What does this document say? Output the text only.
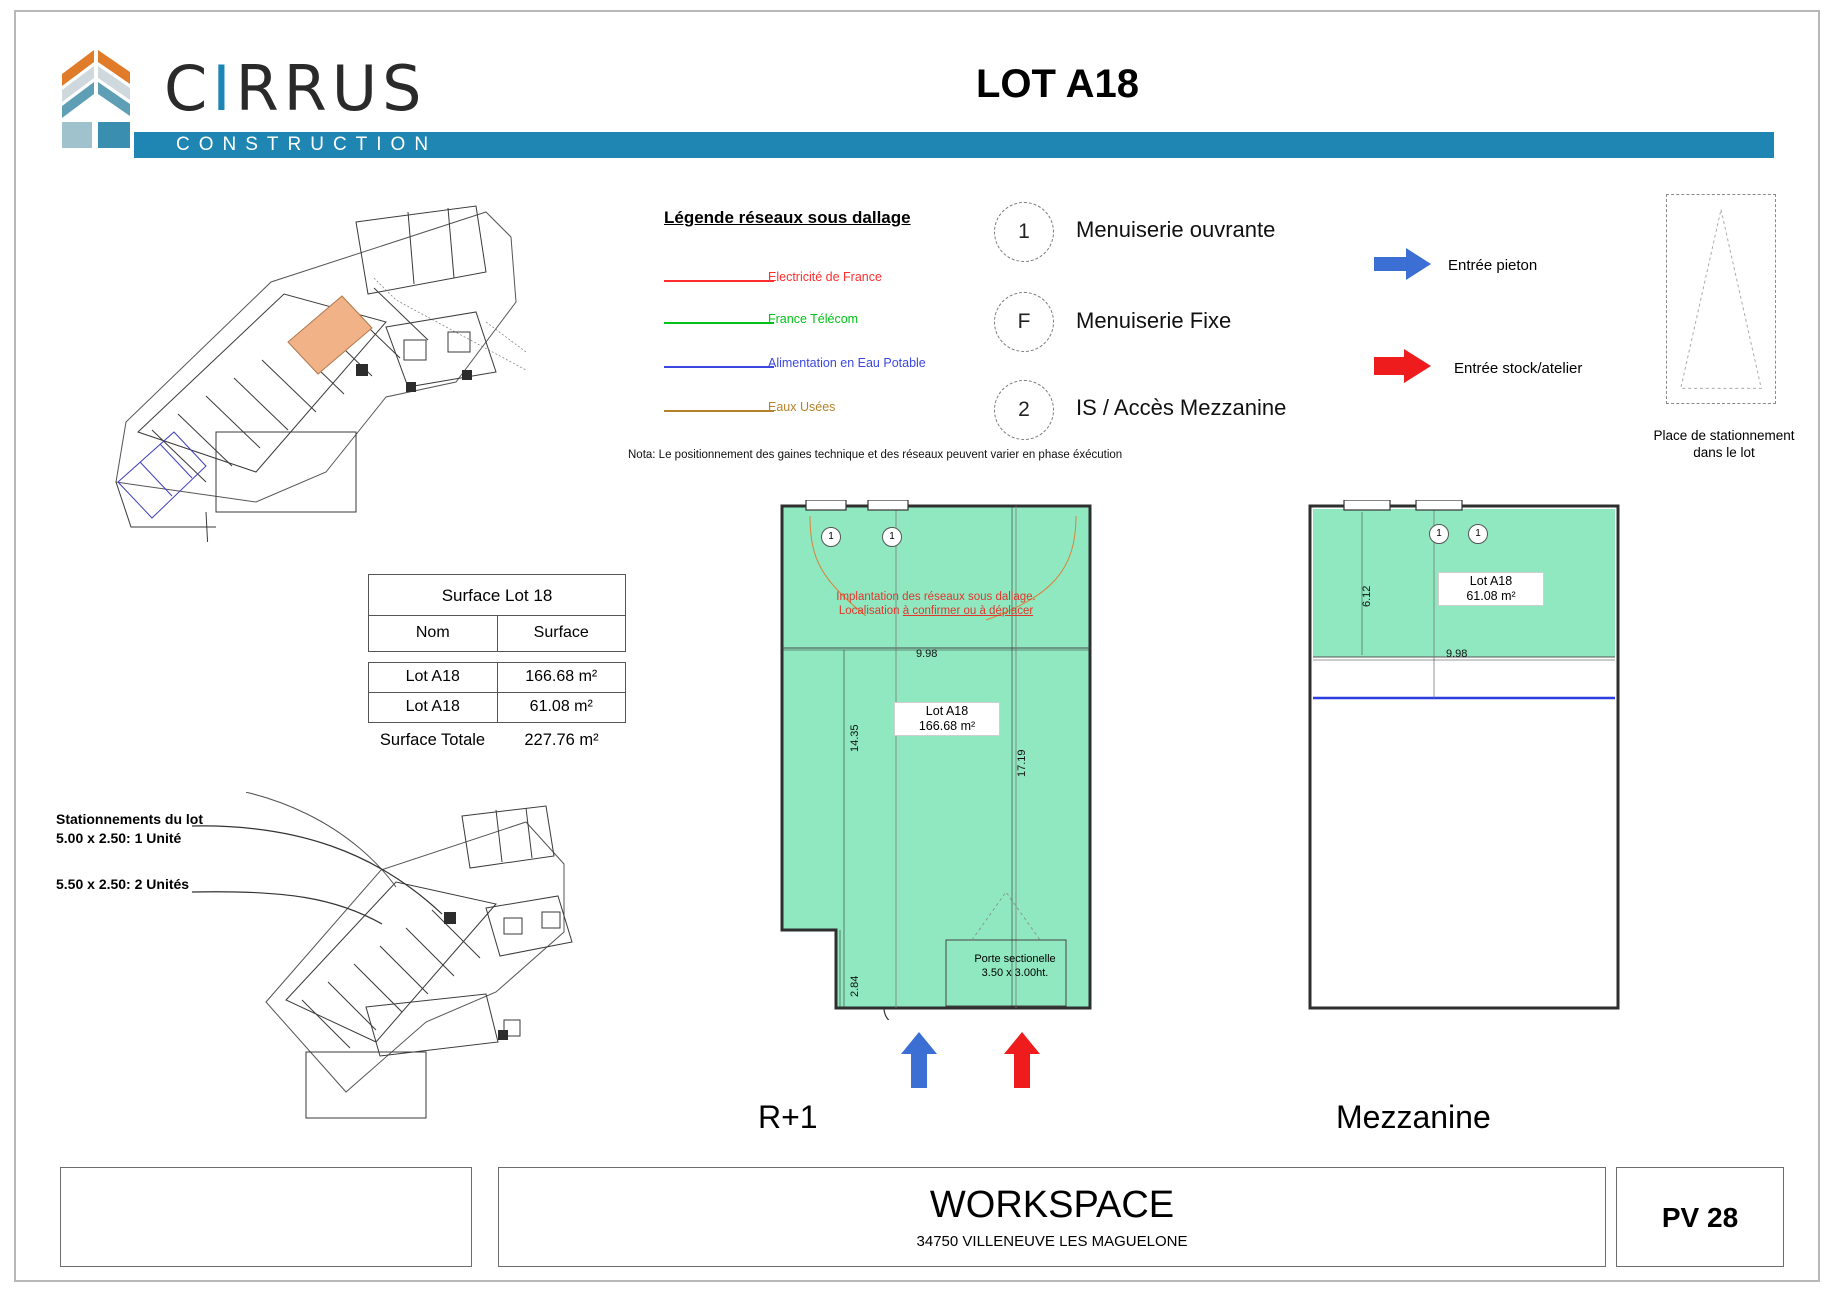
CIRRUS
CONSTRUCTION
LOT A18
Légende réseaux sous dallage
Electricité de France
France Télécom
Alimentation en Eau Potable
Eaux Usées
Nota: Le positionnement des gaines technique et des réseaux peuvent varier en phase éxécution
1	Menuiserie ouvrante
F	Menuiserie Fixe
2	IS / Accès Mezzanine
Entrée pieton
Entrée stock/atelier
Place de stationnement
dans le lot
Surface Lot 18
Nom	Surface
Lot A18	166.68 m²
Lot A18	61.08 m²
Surface Totale	227.76 m²
Stationnements du lot
5.00 x 2.50: 1 Unité
5.50 x 2.50: 2 Unités
1	1
Implantation des réseaux sous dallage.
Localisation à confirmer ou à déplacer
9.98
14.35
17.19
2.84
Lot A18
166.68 m²
Porte sectionelle
3.50 x 3.00ht.
R+1
1	1
Lot A18
61.08 m²
6.12
9.98
Mezzanine
WORKSPACE
34750 VILLENEUVE LES MAGUELONE
PV 28
